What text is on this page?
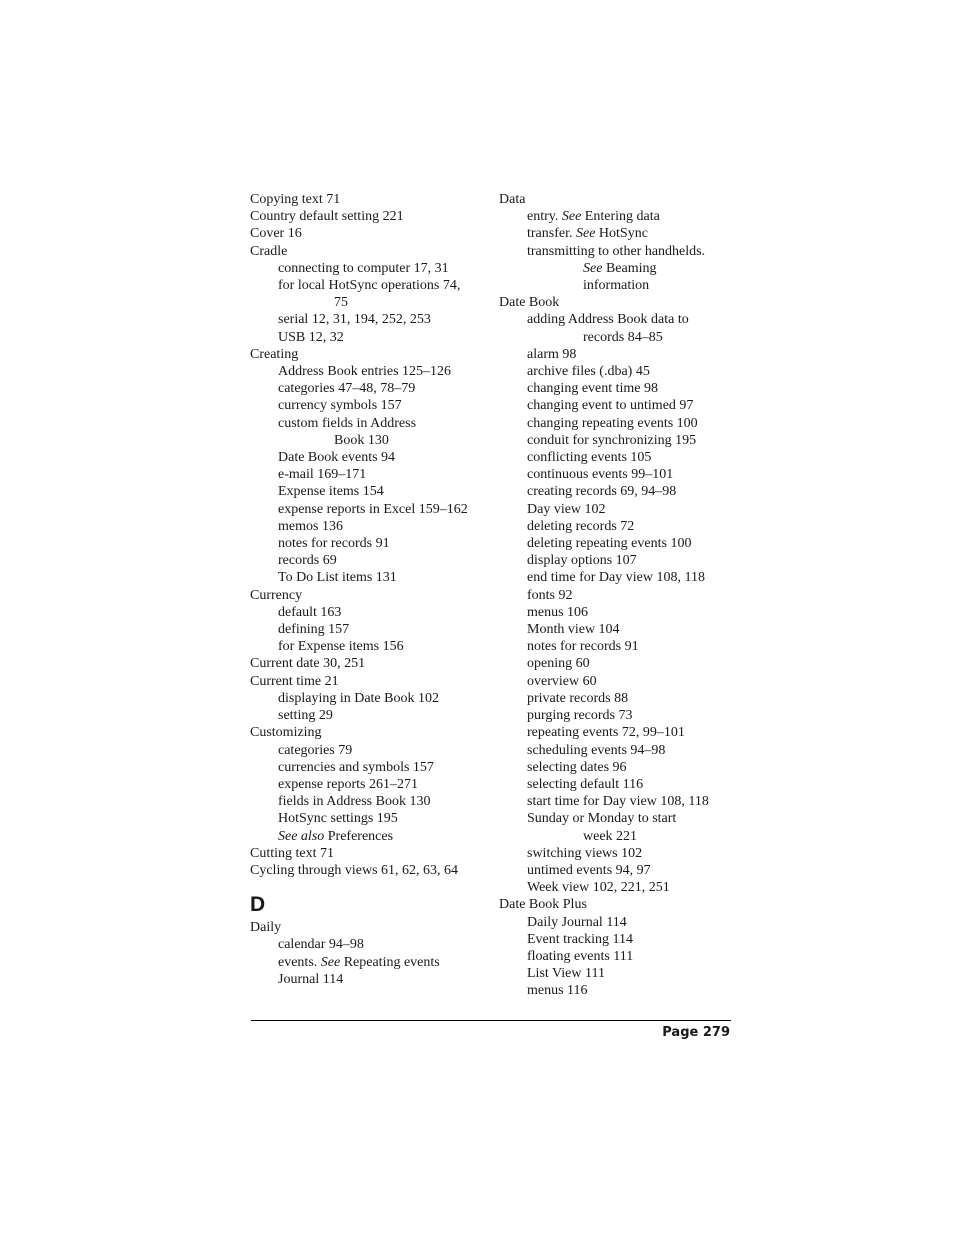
Copying text 71
Country default setting 221
Cover 16
Cradle
connecting to computer 17, 31
for local HotSync operations 74,
75
serial 12, 31, 194, 252, 253
USB 12, 32
Creating
Address Book entries 125–126
categories 47–48, 78–79
currency symbols 157
custom fields in Address
Book 130
Date Book events 94
e-mail 169–171
Expense items 154
expense reports in Excel 159–162
memos 136
notes for records 91
records 69
To Do List items 131
Currency
default 163
defining 157
for Expense items 156
Current date 30, 251
Current time 21
displaying in Date Book 102
setting 29
Customizing
categories 79
currencies and symbols 157
expense reports 261–271
fields in Address Book 130
HotSync settings 195
See also Preferences
Cutting text 71
Cycling through views 61, 62, 63, 64
D
Daily
calendar 94–98
events. See Repeating events
Journal 114
Data
entry. See Entering data
transfer. See HotSync
transmitting to other handhelds.
See Beaming
information
Date Book
adding Address Book data to
records 84–85
alarm 98
archive files (.dba) 45
changing event time 98
changing event to untimed 97
changing repeating events 100
conduit for synchronizing 195
conflicting events 105
continuous events 99–101
creating records 69, 94–98
Day view 102
deleting records 72
deleting repeating events 100
display options 107
end time for Day view 108, 118
fonts 92
menus 106
Month view 104
notes for records 91
opening 60
overview 60
private records 88
purging records 73
repeating events 72, 99–101
scheduling events 94–98
selecting dates 96
selecting default 116
start time for Day view 108, 118
Sunday or Monday to start
week 221
switching views 102
untimed events 94, 97
Week view 102, 221, 251
Date Book Plus
Daily Journal 114
Event tracking 114
floating events 111
List View 111
menus 116
Page 279
